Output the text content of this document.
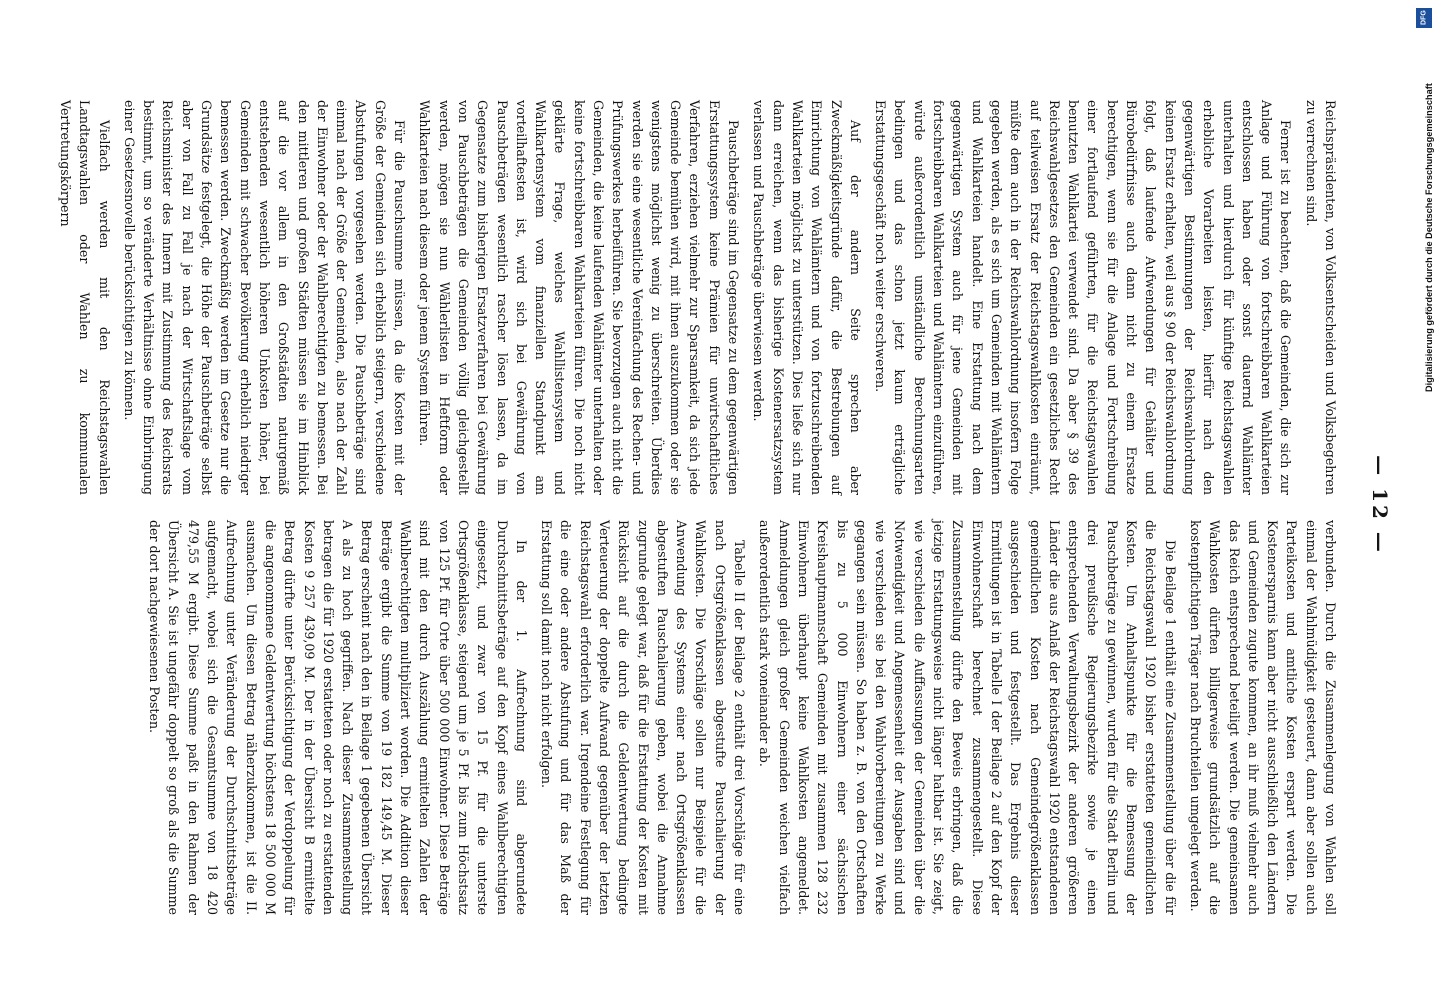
— 12 —

Reichspräsidenten, von Volksentscheiden und Volksbegehren zu verrechnen sind.

Ferner ist zu beachten, daß die Gemeinden, die sich zur Anlage und Führung von fortschreibbaren Wahlkarteien entschlossen haben oder sonst dauernd Wahlämter unterhalten und hierdurch für künftige Reichstagswahlen erhebliche Vorarbeiten leisten, hierfür nach den gegenwärtigen Bestimmungen der Reichswahlordnung keinen Ersatz erhalten, weil aus § 90 der Reichswahlordnung folgt, daß laufende Aufwendungen für Gehälter und Bürobedürfnisse auch dann nicht zu einem Ersatze berechtigen, wenn sie für die Anlage und Fortschreibung einer fortlaufend geführten, für die Reichstagswahlen benutzten Wahlkartei verwendet sind. Da aber § 39 des Reichswahlgesetzes den Gemeinden ein gesetzliches Recht auf teilweisen Ersatz der Reichstagswahlkosten einräumt, müßte dem auch in der Reichswahlordnung insofern Folge gegeben werden, als es sich um Gemeinden mit Wahlämtern und Wahlkarteien handelt. Eine Erstattung nach dem gegenwärtigen System auch für jene Gemeinden mit fortschreibbaren Wahlkarteien und Wahlämtern einzuführen, würde außerordentlich umständliche Berechnungsarten bedingen und das schon jetzt kaum erträgliche Erstattungsgeschäft noch weiter erschweren.

Auf der andern Seite sprechen aber Zweckmäßigkeitsgründe dafür, die Bestrebungen auf Einrichtung von Wahlämtern und von fortzuschreibenden Wahlkarteien möglichst zu unterstützen. Dies ließe sich nur dann erreichen, wenn das bisherige Kostenersatzsystem verlassen und Pauschbeträge überwiesen werden.

Pauschbeträge sind im Gegensatze zu dem gegenwärtigen Erstattungssystem keine Prämien für unwirtschaftliches Verfahren, erziehen vielmehr zur Sparsamkeit, da sich jede Gemeinde bemühen wird, mit ihnen auszukommen oder sie wenigstens möglichst wenig zu überschreiten. Überdies werden sie eine wesentliche Vereinfachung des Rechen- und Prüfungswerkes herbeiführen. Sie bevorzugen auch nicht die Gemeinden, die keine laufenden Wahlämter unterhalten oder keine fortschreibbaren Wahlkarteien führen. Die noch nicht geklärte Frage, welches Wahllistensystem und Wahlkartensystem vom finanziellen Standpunkt am vorteilhaftesten ist, wird sich bei Gewährung von Pauschbeträgen wesentlich rascher lösen lassen, da im Gegensatze zum bisherigen Ersatzverfahren bei Gewährung von Pauschbeträgen die Gemeinden völlig gleichgestellt werden, mögen sie nun Wählerlisten in Heftform oder Wahlkarteien nach diesem oder jenem System führen.

Für die Pauschsumme müssen, da die Kosten mit der Größe der Gemeinden sich erheblich steigern, verschiedene Abstufungen vorgesehen werden. Die Pauschbeträge sind einmal nach der Größe der Gemeinden, also nach der Zahl der Einwohner oder der Wahlberechtigten zu bemessen. Bei den mittleren und großen Städten müssen sie im Hinblick auf die vor allem in den Großstädten naturgemäß entstehenden wesentlich höheren Unkosten höher, bei Gemeinden mit schwacher Bevölkerung erheblich niedriger bemessen werden. Zweckmäßig werden im Gesetze nur die Grundsätze festgelegt, die Höhe der Pauschbeträge selbst aber von Fall zu Fall je nach der Wirtschaftslage vom Reichsminister des Innern mit Zustimmung des Reichsrats bestimmt, um so veränderte Verhältnisse ohne Einbringung einer Gesetzesnovelle berücksichtigen zu können.

Vielfach werden mit den Reichstagswahlen Landtagswahlen oder Wahlen zu kommunalen Vertretungskörpern

verbunden. Durch die Zusammenlegung von Wahlen soll einmal der Wahlmüdigkeit gesteuert, dann aber sollen auch Parteikosten und amtliche Kosten erspart werden. Die Kostenersparnis kann aber nicht ausschließlich den Ländern und Gemeinden zugute kommen, an ihr muß vielmehr auch das Reich entsprechend beteiligt werden. Die gemeinsamen Wahlkosten dürften billigerweise grundsätzlich auf die kostenpflichtigen Träger nach Bruchteilen umgelegt werden.

Die Beilage 1 enthält eine Zusammenstellung über die für die Reichstagswahl 1920 bisher erstatteten gemeindlichen Kosten. Um Anhaltspunkte für die Bemessung der Pauschbeträge zu gewinnen, wurden für die Stadt Berlin und drei preußische Regierungsbezirke sowie je einen entsprechenden Verwaltungsbezirk der anderen größeren Länder die aus Anlaß der Reichstagswahl 1920 entstandenen gemeindlichen Kosten nach Gemeindegrößenklassen ausgeschieden und festgestellt. Das Ergebnis dieser Ermittlungen ist in Tabelle I der Beilage 2 auf den Kopf der Einwohnerschaft berechnet zusammengestellt. Diese Zusammenstellung dürfte den Beweis erbringen, daß die jetzige Erstattungsweise nicht länger haltbar ist. Sie zeigt, wie verschieden die Auffassungen der Gemeinden über die Notwendigkeit und Angemessenheit der Ausgaben sind und wie verschieden sie bei den Wahlvorbereitungen zu Werke gegangen sein müssen. So haben z. B. von den Ortschaften bis zu 5 000 Einwohnern einer sächsischen Kreishauptmannschaft Gemeinden mit zusammen 128 232 Einwohnern überhaupt keine Wahlkosten angemeldet. Anmeldungen gleich großer Gemeinden weichen vielfach außerordentlich stark voneinander ab.

Tabelle II der Beilage 2 enthält drei Vorschläge für eine nach Ortsgrößenklassen abgestufte Pauschalierung der Wahlkosten. Die Vorschläge sollen nur Beispiele für die Anwendung des Systems einer nach Ortsgrößenklassen abgestuften Pauschalierung geben, wobei die Annahme zugrunde gelegt war, daß für die Erstattung der Kosten mit Rücksicht auf die durch die Geldentwertung bedingte Verteuerung der doppelte Aufwand gegenüber der letzten Reichstagswahl erforderlich war. Irgendeine Festlegung für die eine oder andere Abstufung und für das Maß der Erstattung soll damit noch nicht erfolgen.

In der 1. Aufrechnung sind abgerundete Durchschnittsbeträge auf den Kopf eines Wahlberechtigten eingesetzt, und zwar von 15 Pf. für die unterste Ortsgrößenklasse, steigend um je 5 Pf. bis zum Höchstsatz von 125 Pf. für Orte über 500 000 Einwohner. Diese Beträge sind mit den durch Auszählung ermittelten Zahlen der Wahlberechtigten multipliziert worden. Die Addition dieser Beträge ergibt die Summe von 19 182 149,45 M. Dieser Betrag erscheint nach den in Beilage 1 gegebenen Übersicht A als zu hoch gegriffen. Nach dieser Zusammenstellung betragen die für 1920 erstatteten oder noch zu erstattenden Kosten 9 257 439,09 M. Der in der Übersicht B ermittelte Betrag dürfte unter Berücksichtigung der Verdoppelung für die angenommene Geldentwertung höchstens 18 500 000 M ausmachen. Um diesen Betrag näherzukommen, ist die II. Aufrechnung unter Veränderung der Durchschnittsbeträge aufgemacht, wobei sich die Gesamtsumme von 18 420 479,55 M ergibt. Diese Summe paßt in den Rahmen der Übersicht A. Sie ist ungefähr doppelt so groß als die Summe der dort nachgewiesenen Posten.

DFG
Digitalisierung gefördert durch die Deutsche Forschungsgemeinschaft
